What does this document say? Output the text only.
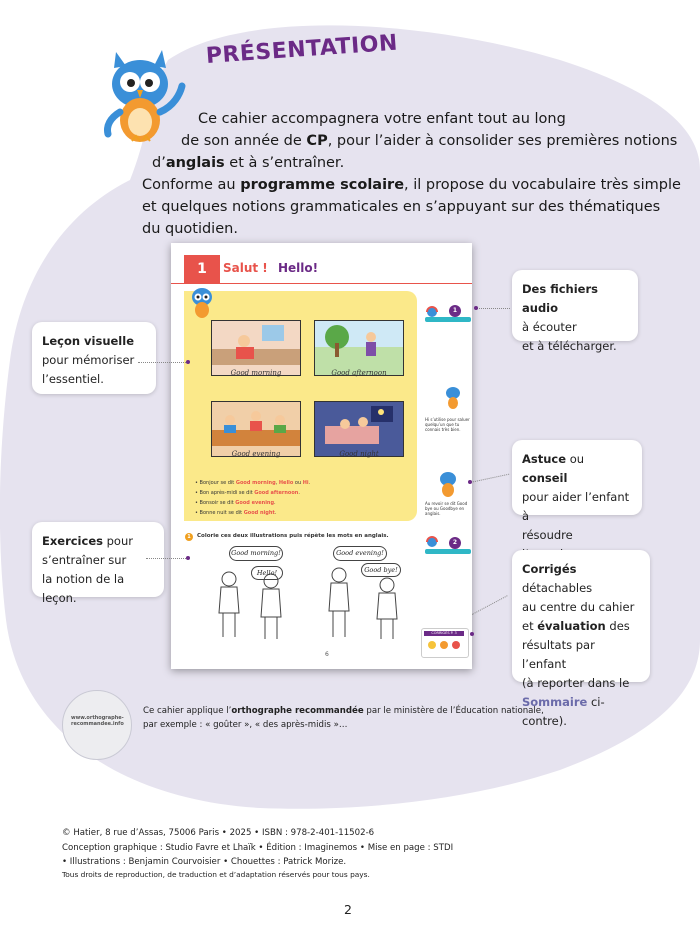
PRÉSENTATION
Ce cahier accompagnera votre enfant tout au long
de son année de CP, pour l’aider à consolider ses premières notions
d’anglais et à s’entraîner.
Conforme au programme scolaire, il propose du vocabulaire très simple
et quelques notions grammaticales en s’appuyant sur des thématiques
du quotidien.
1	Salut ! Hello!
Good morning	Good afternoon
Good evening	Good night
• Bonjour se dit Good morning, Hello ou Hi.
• Bon après-midi se dit Good afternoon.
• Bonsoir se dit Good evening.
• Bonne nuit se dit Good night.
1	Colorie ces deux illustrations puis répète les mots en anglais.
Good morning!
Hello!
Good evening!
Good bye!
6
1
Hi s’utilise pour saluer quelqu’un que tu connais très bien.
Au revoir se dit Good bye ou Goodbye en anglais.
2
CORRIGÉS P. 3
Des fichiers audio
à écouter
et à télécharger.
Leçon visuelle
pour mémoriser
l’essentiel.
Astuce ou conseil
pour aider l’enfant à
résoudre
Exercices pour
s’entraîner sur
la notion de la leçon.
Corrigés détachables
au centre du cahier
et évaluation des
résultats par l’enfant
(à reporter dans le
Sommaire ci-contre).
www.orthographe-
recommandee.info
Ce cahier applique l’orthographe recommandée par le ministère de l’Éducation nationale,
par exemple : « goûter », « des après-midis »…
© Hatier, 8 rue d’Assas, 75006 Paris • 2025 • ISBN : 978-2-401-11502-6
Conception graphique : Studio Favre et Lhaïk • Édition : Imaginemos • Mise en page : STDI
• Illustrations : Benjamin Courvoisier • Chouettes : Patrick Morize.
Tous droits de reproduction, de traduction et d’adaptation réservés pour tous pays.
2
